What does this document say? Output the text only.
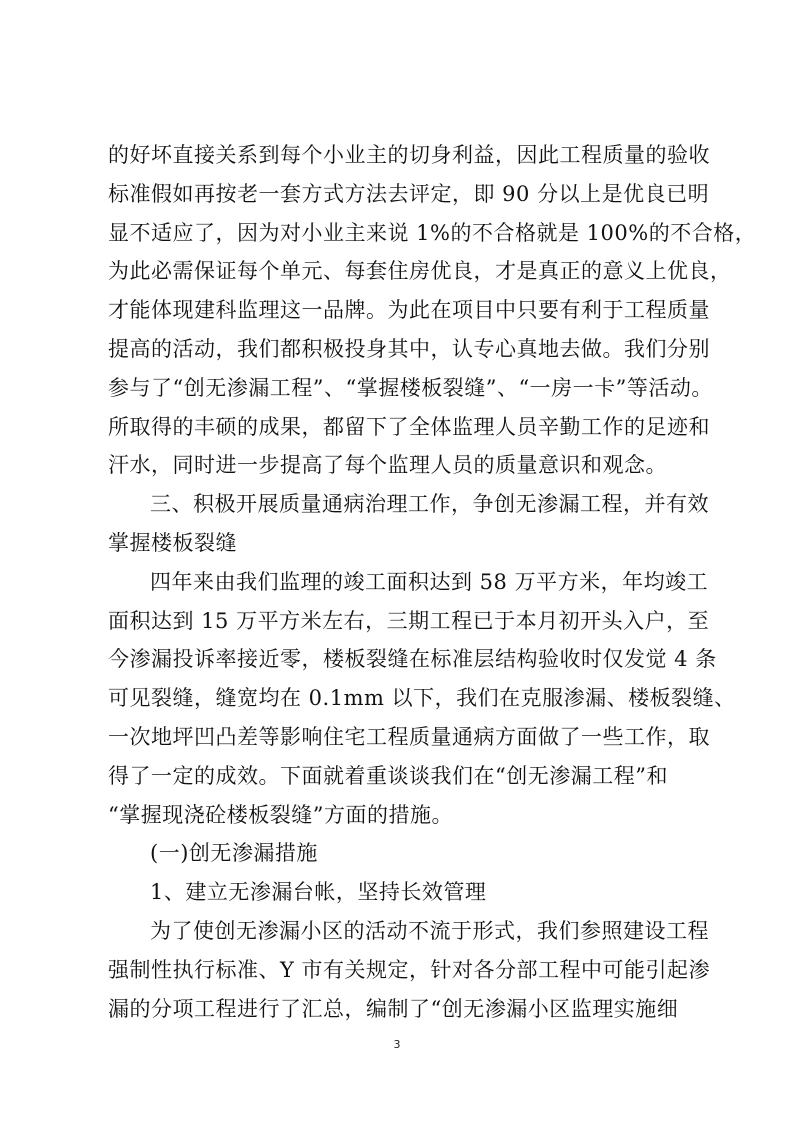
的好坏直接关系到每个小业主的切身利益，因此工程质量的验收
标准假如再按老一套方式方法去评定，即 90 分以上是优良已明
显不适应了，因为对小业主来说 1%的不合格就是 100%的不合格，
为此必需保证每个单元、每套住房优良，才是真正的意义上优良，
才能体现建科监理这一品牌。为此在项目中只要有利于工程质量
提高的活动，我们都积极投身其中，认专心真地去做。我们分别
参与了“创无渗漏工程”、“掌握楼板裂缝”、“一房一卡”等活动。
所取得的丰硕的成果，都留下了全体监理人员辛勤工作的足迹和
汗水，同时进一步提高了每个监理人员的质量意识和观念。
三、积极开展质量通病治理工作，争创无渗漏工程，并有效
掌握楼板裂缝
四年来由我们监理的竣工面积达到 58 万平方米，年均竣工
面积达到 15 万平方米左右，三期工程已于本月初开头入户，至
今渗漏投诉率接近零，楼板裂缝在标准层结构验收时仅发觉 4 条
可见裂缝，缝宽均在 0.1mm 以下，我们在克服渗漏、楼板裂缝、
一次地坪凹凸差等影响住宅工程质量通病方面做了一些工作，取
得了一定的成效。下面就着重谈谈我们在“创无渗漏工程”和
“掌握现浇砼楼板裂缝”方面的措施。
(一)创无渗漏措施
1、建立无渗漏台帐，坚持长效管理
为了使创无渗漏小区的活动不流于形式，我们参照建设工程
强制性执行标准、Y 市有关规定，针对各分部工程中可能引起渗
漏的分项工程进行了汇总，编制了“创无渗漏小区监理实施细
3
